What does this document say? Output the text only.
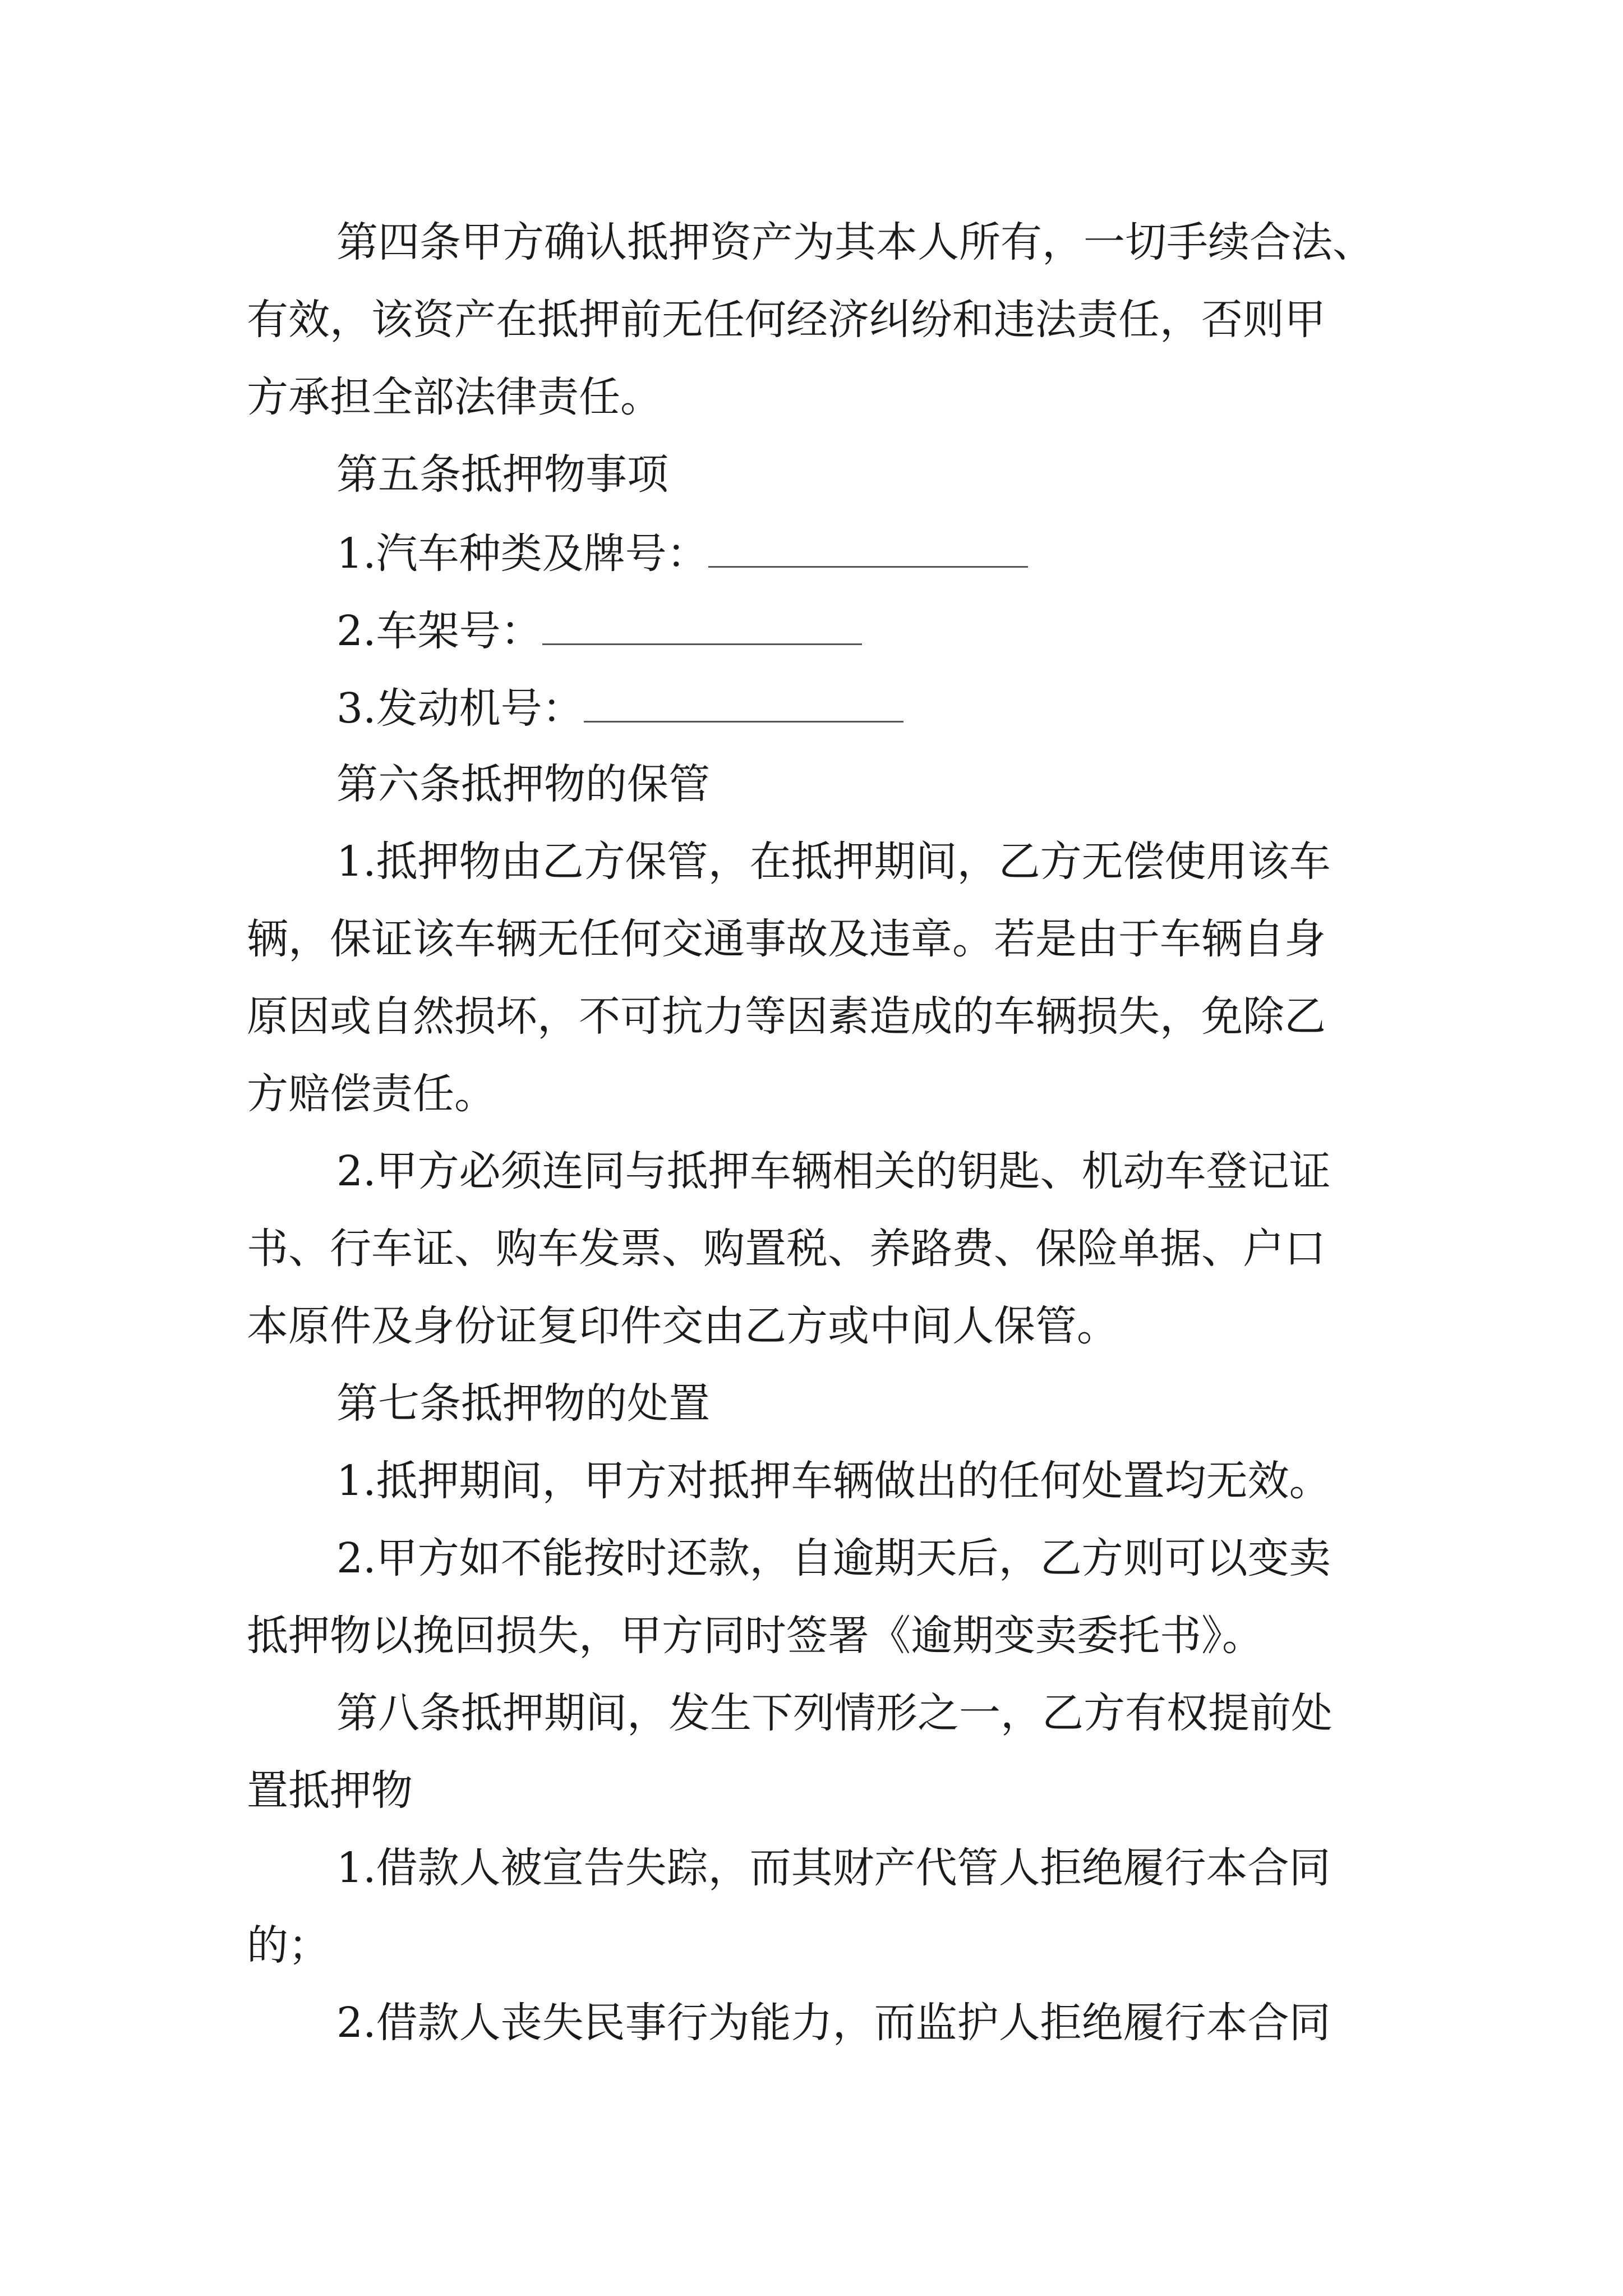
第四条甲方确认抵押资产为其本人所有，一切手续合法、
有效，该资产在抵押前无任何经济纠纷和违法责任，否则甲
方承担全部法律责任。
第五条抵押物事项
1.汽车种类及牌号：
2.车架号：
3.发动机号：
第六条抵押物的保管
1.抵押物由乙方保管，在抵押期间，乙方无偿使用该车
辆，保证该车辆无任何交通事故及违章。若是由于车辆自身
原因或自然损坏，不可抗力等因素造成的车辆损失，免除乙
方赔偿责任。
2.甲方必须连同与抵押车辆相关的钥匙、机动车登记证
书、行车证、购车发票、购置税、养路费、保险单据、户口
本原件及身份证复印件交由乙方或中间人保管。
第七条抵押物的处置
1.抵押期间，甲方对抵押车辆做出的任何处置均无效。
2.甲方如不能按时还款，自逾期天后，乙方则可以变卖
抵押物以挽回损失，甲方同时签署《逾期变卖委托书》。
第八条抵押期间，发生下列情形之一，乙方有权提前处
置抵押物
1.借款人被宣告失踪，而其财产代管人拒绝履行本合同
的；
2.借款人丧失民事行为能力，而监护人拒绝履行本合同
